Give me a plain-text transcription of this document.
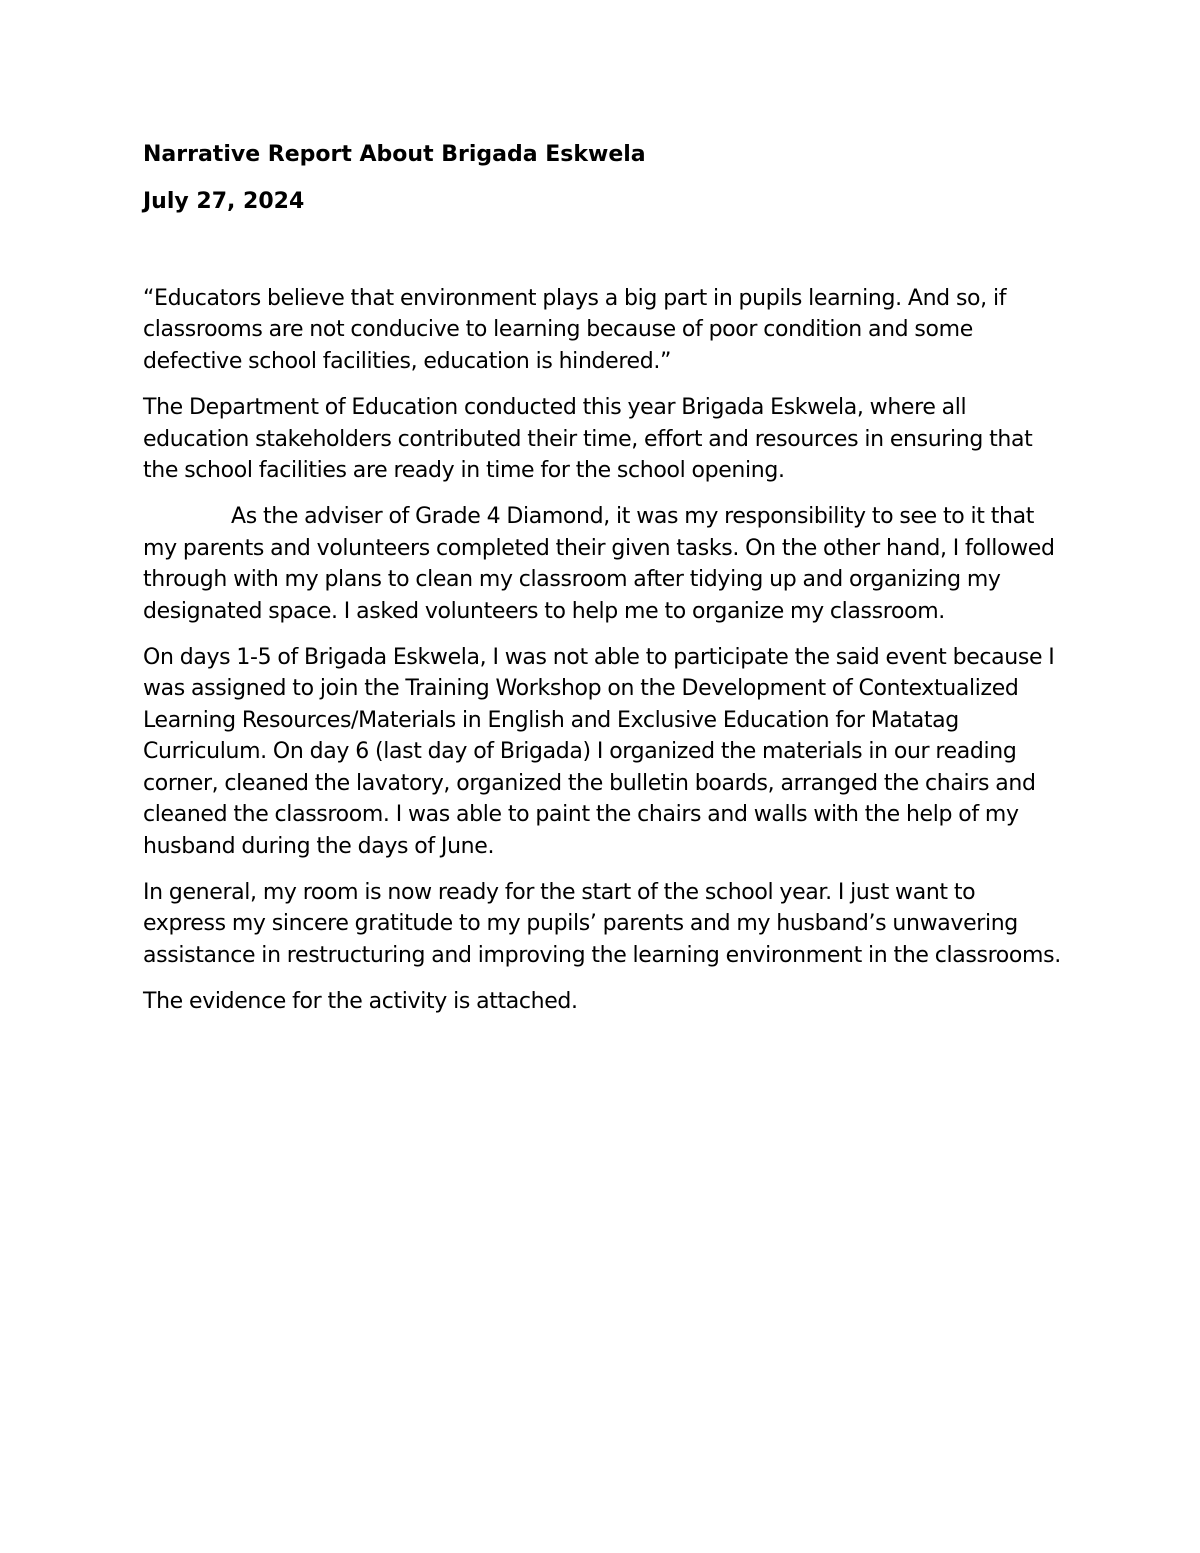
Narrative Report About Brigada Eskwela
July 27, 2024

“Educators believe that environment plays a big part in pupils learning. And so, if classrooms are not conducive to learning because of poor condition and some defective school facilities, education is hindered.”

The Department of Education conducted this year Brigada Eskwela, where all education stakeholders contributed their time, effort and resources in ensuring that the school facilities are ready in time for the school opening.

As the adviser of Grade 4 Diamond, it was my responsibility to see to it that my parents and volunteers completed their given tasks. On the other hand, I followed through with my plans to clean my classroom after tidying up and organizing my designated space. I asked volunteers to help me to organize my classroom.

On days 1-5 of Brigada Eskwela, I was not able to participate the said event because I was assigned to join the Training Workshop on the Development of Contextualized Learning Resources/Materials in English and Exclusive Education for Matatag Curriculum. On day 6 (last day of Brigada) I organized the materials in our reading corner, cleaned the lavatory, organized the bulletin boards, arranged the chairs and cleaned the classroom. I was able to paint the chairs and walls with the help of my husband during the days of June.

In general, my room is now ready for the start of the school year. I just want to express my sincere gratitude to my pupils’ parents and my husband’s unwavering assistance in restructuring and improving the learning environment in the classrooms.

The evidence for the activity is attached.
